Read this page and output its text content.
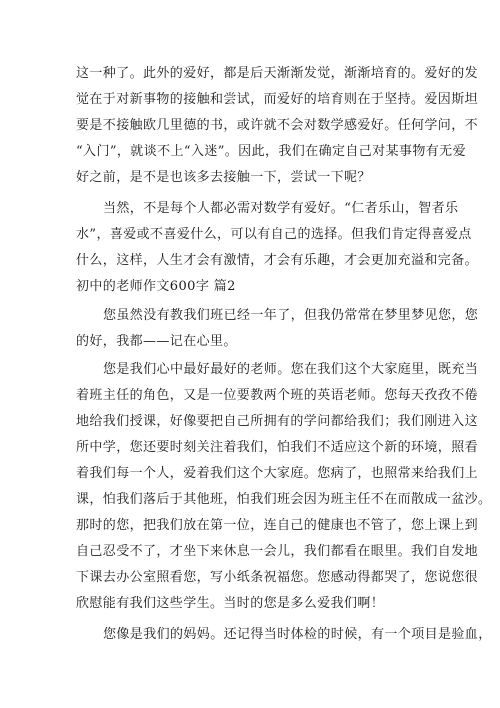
这一种了。此外的爱好，都是后天渐渐发觉，渐渐培育的。爱好的发
觉在于对新事物的接触和尝试，而爱好的培育则在于坚持。爱因斯坦
要是不接触欧几里德的书，或许就不会对数学感爱好。任何学问，不
“入门”，就谈不上“入迷”。因此，我们在确定自己对某事物有无爱
好之前，是不是也该多去接触一下，尝试一下呢？
当然，不是每个人都必需对数学有爱好。“仁者乐山，智者乐
水”，喜爱或不喜爱什么，可以有自己的选择。但我们肯定得喜爱点
什么，这样，人生才会有激情，才会有乐趣，才会更加充溢和完备。
初中的老师作文600字 篇2
您虽然没有教我们班已经一年了，但我仍常常在梦里梦见您，您
的好，我都——记在心里。
您是我们心中最好最好的老师。您在我们这个大家庭里，既充当
着班主任的角色，又是一位要教两个班的英语老师。您每天孜孜不倦
地给我们授课，好像要把自己所拥有的学问都给我们；我们刚进入这
所中学，您还要时刻关注着我们，怕我们不适应这个新的环境，照看
着我们每一个人，爱着我们这个大家庭。您病了，也照常来给我们上
课，怕我们落后于其他班，怕我们班会因为班主任不在而散成一盆沙。
那时的您，把我们放在第一位，连自己的健康也不管了，您上课上到
自己忍受不了，才坐下来休息一会儿，我们都看在眼里。我们自发地
下课去办公室照看您，写小纸条祝福您。您感动得都哭了，您说您很
欣慰能有我们这些学生。当时的您是多么爱我们啊！
您像是我们的妈妈。还记得当时体检的时候，有一个项目是验血，
